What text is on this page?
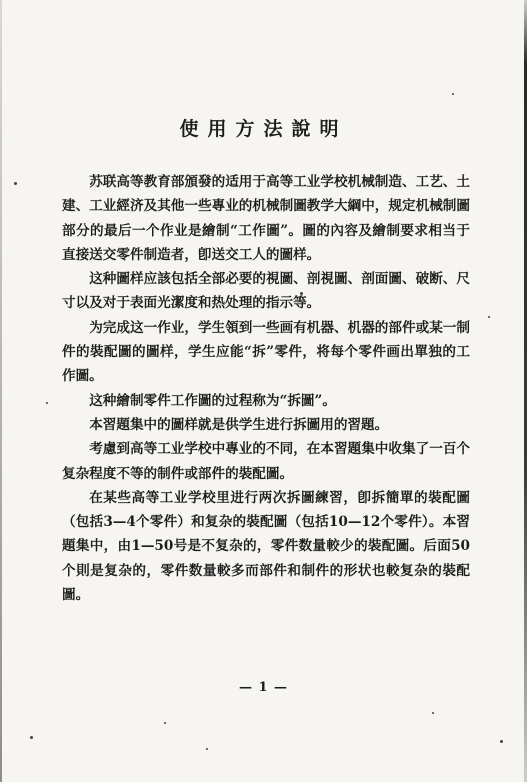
使用方法說明

苏联高等教育部頒發的适用于高等工业学校机械制造、工艺、土建、工业經济及其他一些專业的机械制圖教学大綱中，规定机械制圖部分的最后一个作业是繪制“工作圖”。圖的內容及繪制要求相当于直接送交零件制造者，卽送交工人的圖样。

这种圖样应該包括全部必要的視圖、剖視圖、剖面圖、破断、尺寸以及对于表面光潔度和热处理的指示等。

为完成这一作业，学生領到一些画有机器、机器的部件或某一制件的裝配圖的圖样，学生应能“拆”零件，将每个零件画出單独的工作圖。

这种繪制零件工作圖的过程称为“拆圖”。

本習題集中的圖样就是供学生进行拆圖用的習題。

考慮到高等工业学校中專业的不同，在本習題集中收集了一百个复杂程度不等的制件或部件的裝配圖。

在某些高等工业学校里进行两次拆圖練習，卽拆簡單的裝配圖（包括3—4个零件）和复杂的裝配圖（包括10—12个零件）。本習題集中，由1—50号是不复杂的，零件数量較少的裝配圖。后面50个則是复杂的，零件数量較多而部件和制件的形状也較复杂的裝配圖。

— 1 —
